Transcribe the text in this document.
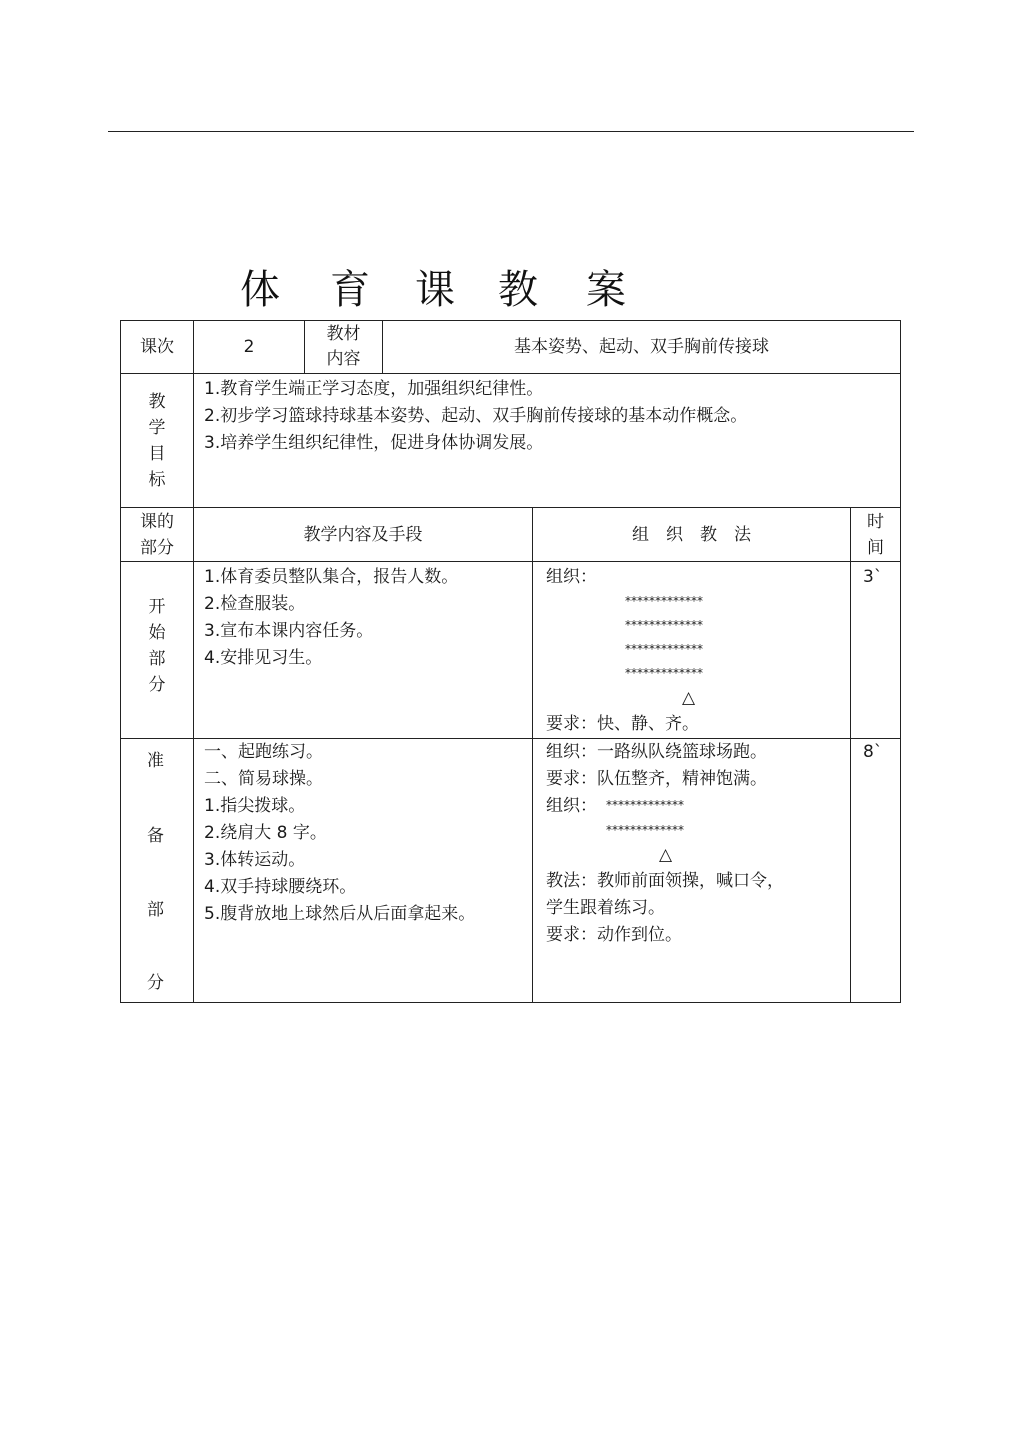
体 育 课 教 案
课次	2
教材
内容
基本姿势、起动、双手胸前传接球
教
学
目
标
1.教育学生端正学习态度，加强组织纪律性。
2.初步学习篮球持球基本姿势、起动、双手胸前传接球的基本动作概念。
3.培养学生组织纪律性，促进身体协调发展。
课的
部分
教学内容及手段	组　织　教　法
时
间
开
始
部
分
1.体育委员整队集合，报告人数。
2.检查服装。
3.宣布本课内容任务。
4.安排见习生。
组织：
*************
*************
*************
*************
△
要求：快、静、齐。
3`
准
备
部
分
一、起跑练习。
二、简易球操。
1.指尖拨球。
2.绕肩大 8 字。
3.体转运动。
4.双手持球腰绕环。
5.腹背放地上球然后从后面拿起来。
组织：一路纵队绕篮球场跑。
要求：队伍整齐，精神饱满。
组织： *************
*************
△
教法：教师前面领操，喊口令，
学生跟着练习。
要求：动作到位。
8`
